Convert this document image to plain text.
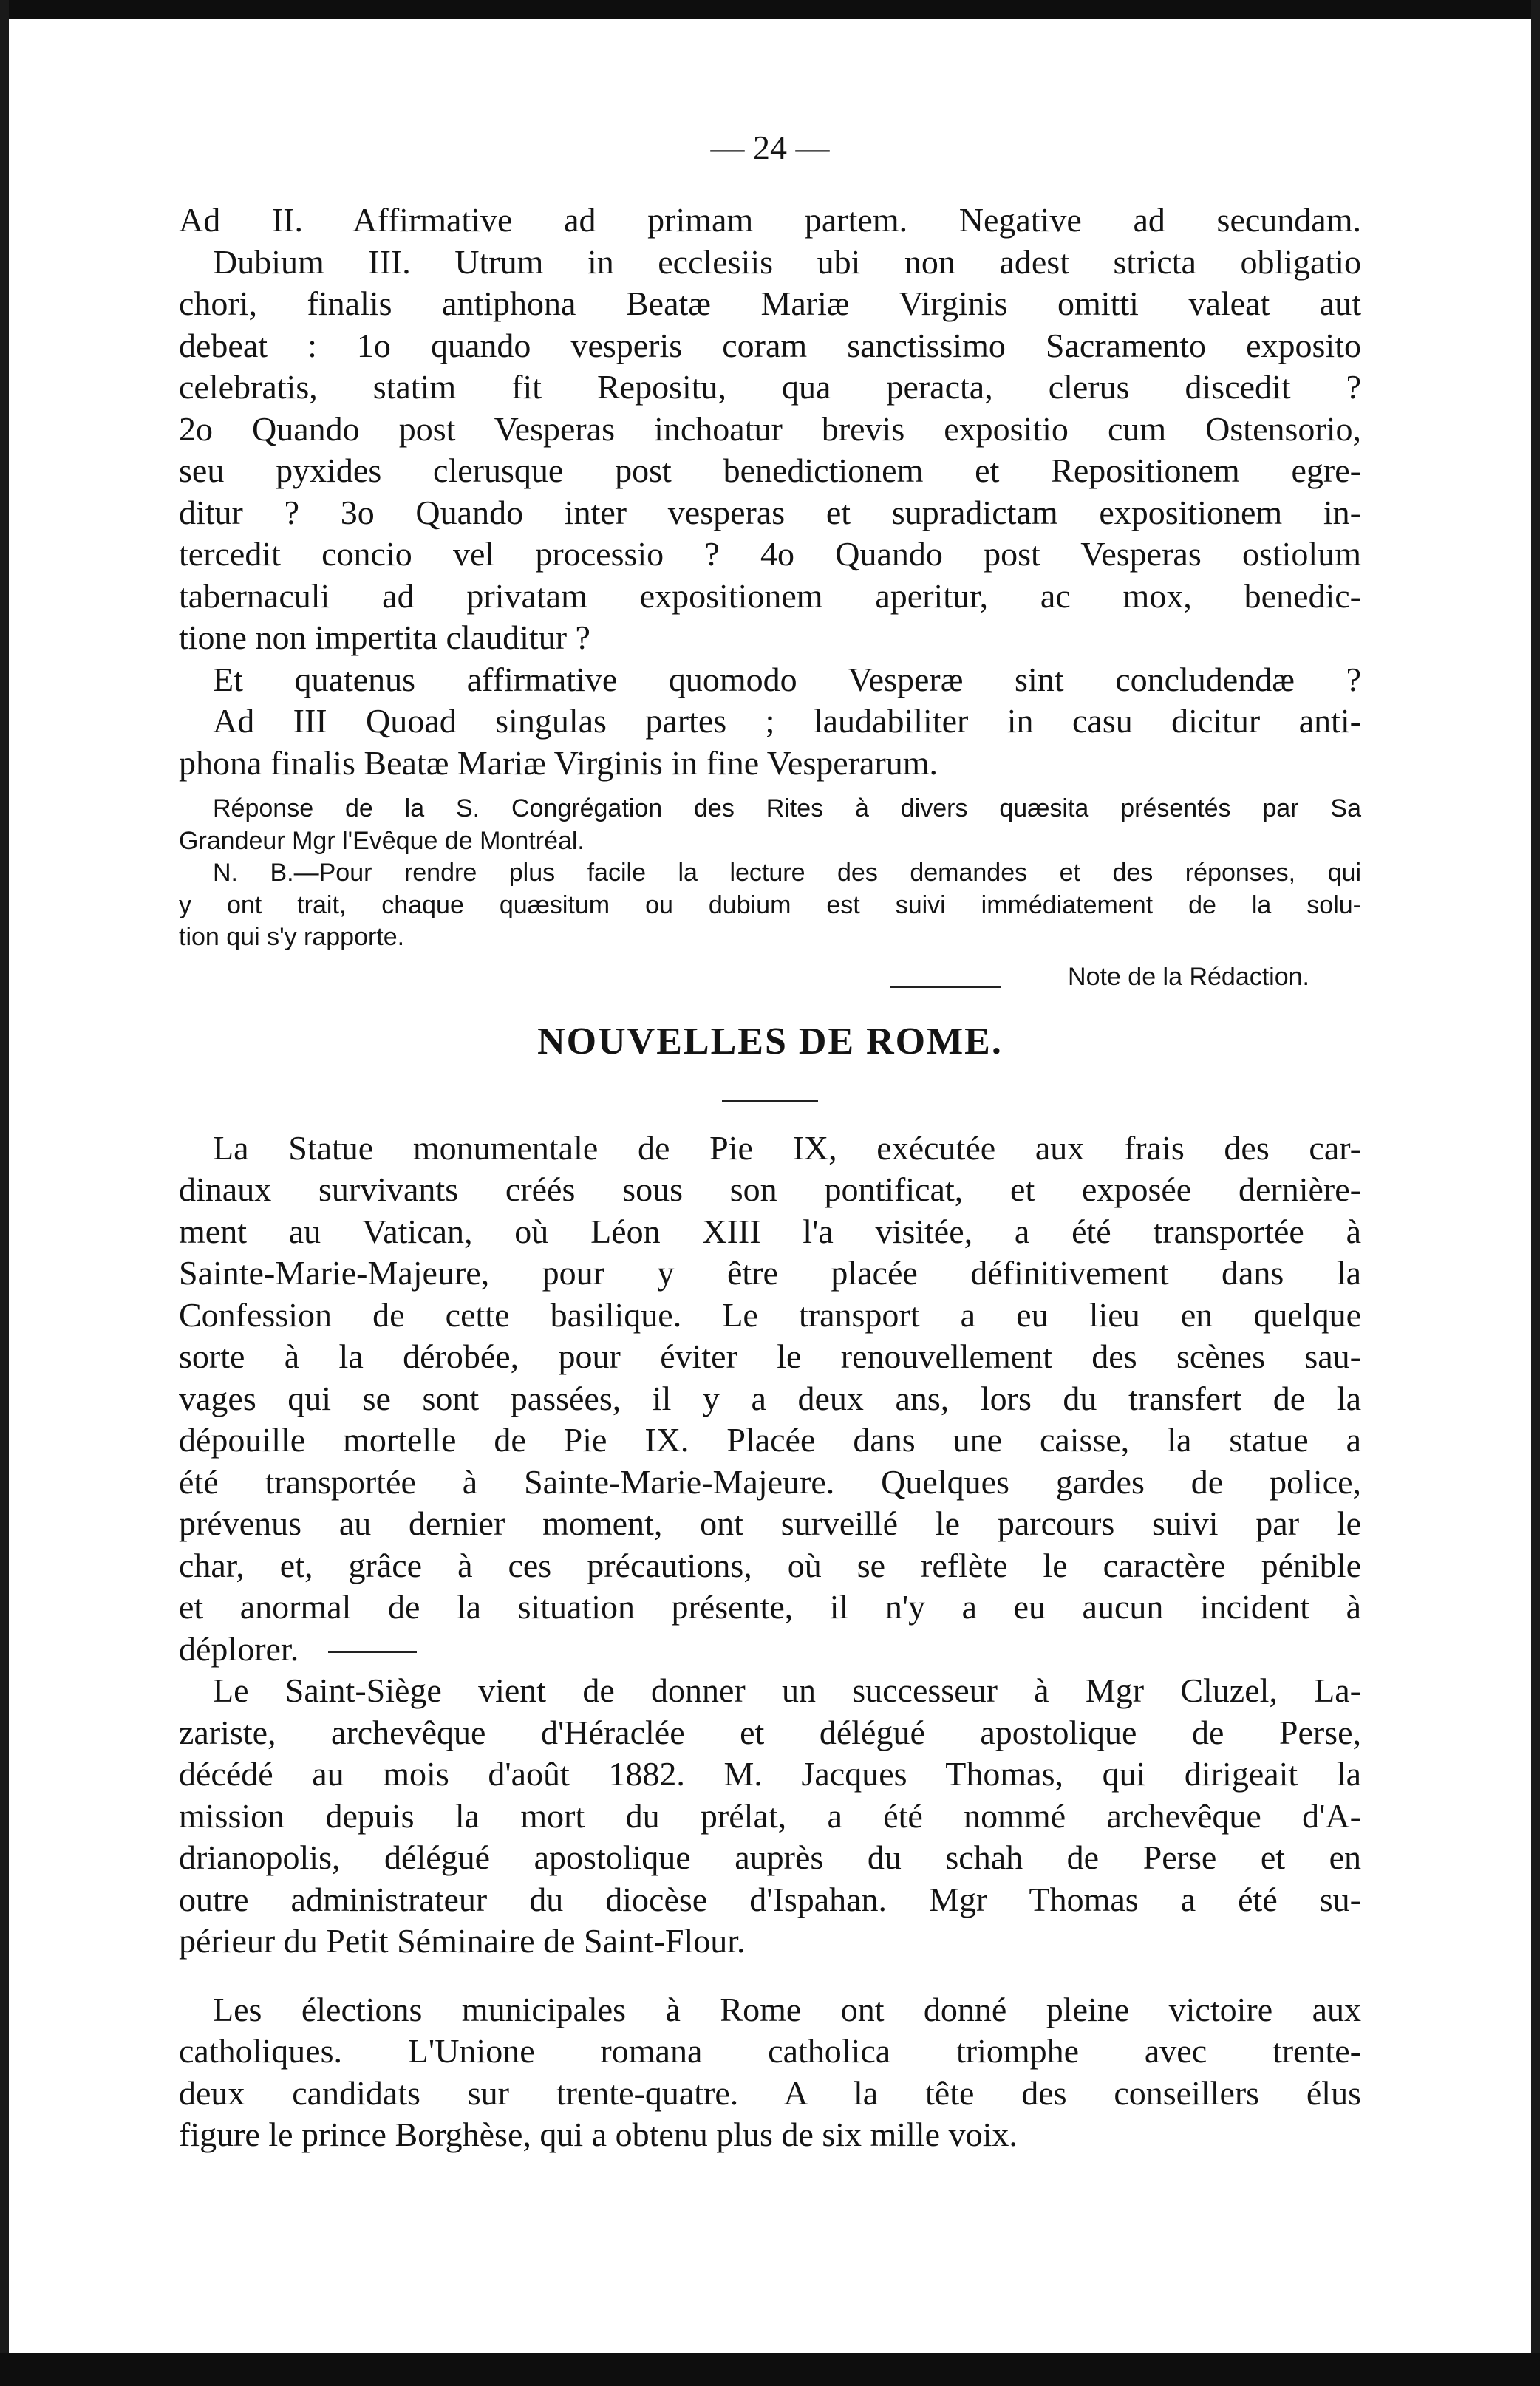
— 24 —

Ad II. Affirmative ad primam partem. Negative ad secundam.

Dubium III. Utrum in ecclesiis ubi non adest stricta obligatio

chori, finalis antiphona Beatæ Mariæ Virginis omitti valeat aut

debeat : 1o quando vesperis coram sanctissimo Sacramento exposito

celebratis, statim fit Repositu, qua peracta, clerus discedit ?

2o Quando post Vesperas inchoatur brevis expositio cum Ostensorio,

seu pyxides clerusque post benedictionem et Repositionem egre-

ditur ? 3o Quando inter vesperas et supradictam expositionem in-

tercedit concio vel processio ? 4o Quando post Vesperas ostiolum

tabernaculi ad privatam expositionem aperitur, ac mox, benedic-

tione non impertita clauditur ?

Et quatenus affirmative quomodo Vesperæ sint concludendæ ?

Ad III Quoad singulas partes ; laudabiliter in casu dicitur anti-

phona finalis Beatæ Mariæ Virginis in fine Vesperarum.

Réponse de la S. Congrégation des Rites à divers quæsita présentés par Sa

Grandeur Mgr l'Evêque de Montréal.

N. B.—Pour rendre plus facile la lecture des demandes et des réponses, qui

y ont trait, chaque quæsitum ou dubium est suivi immédiatement de la solu-

tion qui s'y rapporte.

Note de la Rédaction.

NOUVELLES DE ROME.

La Statue monumentale de Pie IX, exécutée aux frais des car-

dinaux survivants créés sous son pontificat, et exposée dernière-

ment au Vatican, où Léon XIII l'a visitée, a été transportée à

Sainte-Marie-Majeure, pour y être placée définitivement dans la

Confession de cette basilique. Le transport a eu lieu en quelque

sorte à la dérobée, pour éviter le renouvellement des scènes sau-

vages qui se sont passées, il y a deux ans, lors du transfert de la

dépouille mortelle de Pie IX. Placée dans une caisse, la statue a

été transportée à Sainte-Marie-Majeure. Quelques gardes de police,

prévenus au dernier moment, ont surveillé le parcours suivi par le

char, et, grâce à ces précautions, où se reflète le caractère pénible

et anormal de la situation présente, il n'y a eu aucun incident à

déplorer.

Le Saint-Siège vient de donner un successeur à Mgr Cluzel, La-

zariste, archevêque d'Héraclée et délégué apostolique de Perse,

décédé au mois d'août 1882. M. Jacques Thomas, qui dirigeait la

mission depuis la mort du prélat, a été nommé archevêque d'A-

drianopolis, délégué apostolique auprès du schah de Perse et en

outre administrateur du diocèse d'Ispahan. Mgr Thomas a été su-

périeur du Petit Séminaire de Saint-Flour.

Les élections municipales à Rome ont donné pleine victoire aux

catholiques. L'Unione romana catholica triomphe avec trente-

deux candidats sur trente-quatre. A la tête des conseillers élus

figure le prince Borghèse, qui a obtenu plus de six mille voix.
